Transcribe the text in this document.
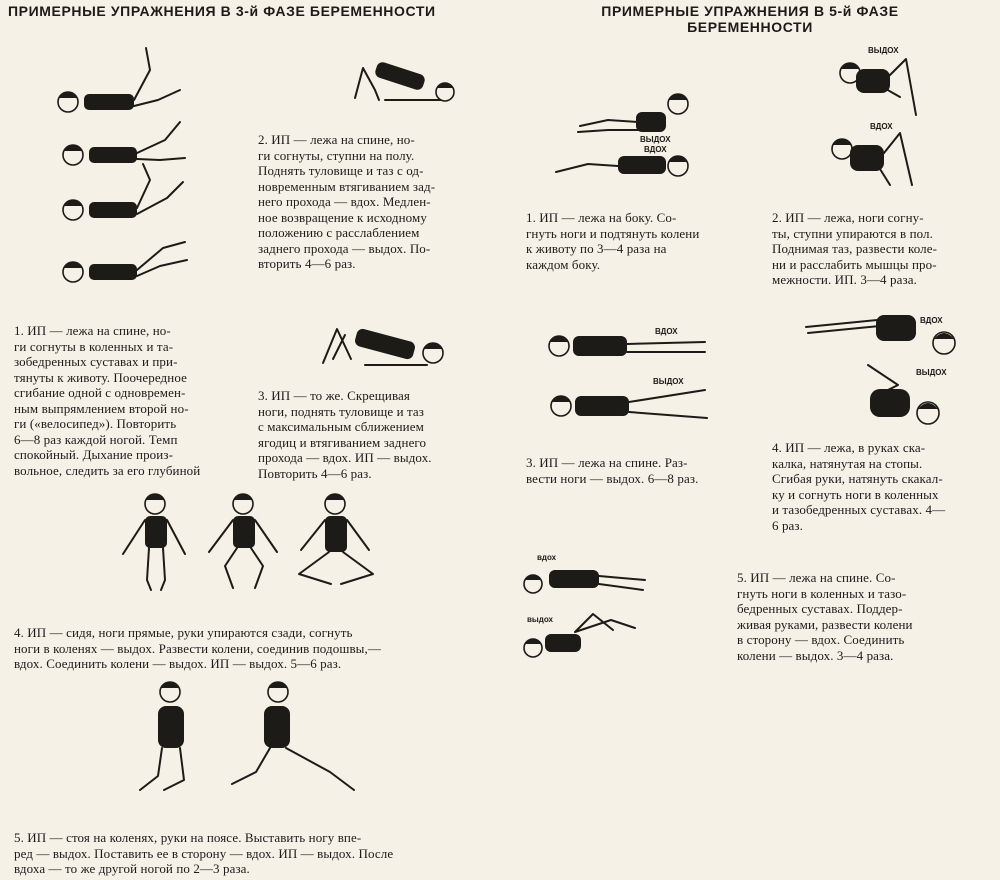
ПРИМЕРНЫЕ УПРАЖНЕНИЯ В 3-й ФАЗЕ БЕРЕМЕННОСТИ	ПРИМЕРНЫЕ УПРАЖНЕНИЯ В 5-й ФАЗЕ
БЕРЕМЕННОСТИ
2. ИП — лежа на спине, но-
ги согнуты, ступни на полу.
Поднять туловище и таз с од-
новременным втягиванием зад-
него прохода — вдох. Медлен-
ное возвращение к исходному
положению с расслаблением
заднего прохода — выдох. По-
вторить 4—6 раз.
1. ИП — лежа на спине, но-
ги согнуты в коленных и та-
зобедренных суставах и при-
тянуты к животу. Поочередное
сгибание одной с одновремен-
ным выпрямлением второй но-
ги («велосипед»). Повторить
6—8 раз каждой ногой. Темп
спокойный. Дыхание произ-
вольное, следить за его глубиной
3. ИП — то же. Скрещивая
ноги, поднять туловище и таз
с максимальным сближением
ягодиц и втягиванием заднего
прохода — вдох. ИП — выдох.
Повторить 4—6 раз.
4. ИП — сидя, ноги прямые, руки упираются сзади, согнуть
ноги в коленях — выдох. Развести колени, соединив подошвы,—
вдох. Соединить колени — выдох. ИП — выдох. 5—6 раз.
5. ИП — стоя на коленях, руки на поясе. Выставить ногу впе-
ред — выдох. Поставить ее в сторону — вдох. ИП — выдох. После
вдоха — то же другой ногой по 2—3 раза.
ВЫДОХ
ВДОХ
ВЫДОХ
ВДОХ
ВДОХ
ВЫДОХ
ВДОХ
ВЫДОХ
вдох
выдох
1. ИП — лежа на боку. Со-
гнуть ноги и подтянуть колени
к животу по 3—4 раза на
каждом боку.
2. ИП — лежа, ноги согну-
ты, ступни упираются в пол.
Поднимая таз, развести коле-
ни и расслабить мышцы про-
межности. ИП. 3—4 раза.
3. ИП — лежа на спине. Раз-
вести ноги — выдох. 6—8 раз.
4. ИП — лежа, в руках ска-
калка, натянутая на стопы.
Сгибая руки, натянуть скакал-
ку и согнуть ноги в коленных
и тазобедренных суставах. 4—
6 раз.
5. ИП — лежа на спине. Со-
гнуть ноги в коленных и тазо-
бедренных суставах. Поддер-
живая руками, развести колени
в сторону — вдох. Соединить
колени — выдох. 3—4 раза.
